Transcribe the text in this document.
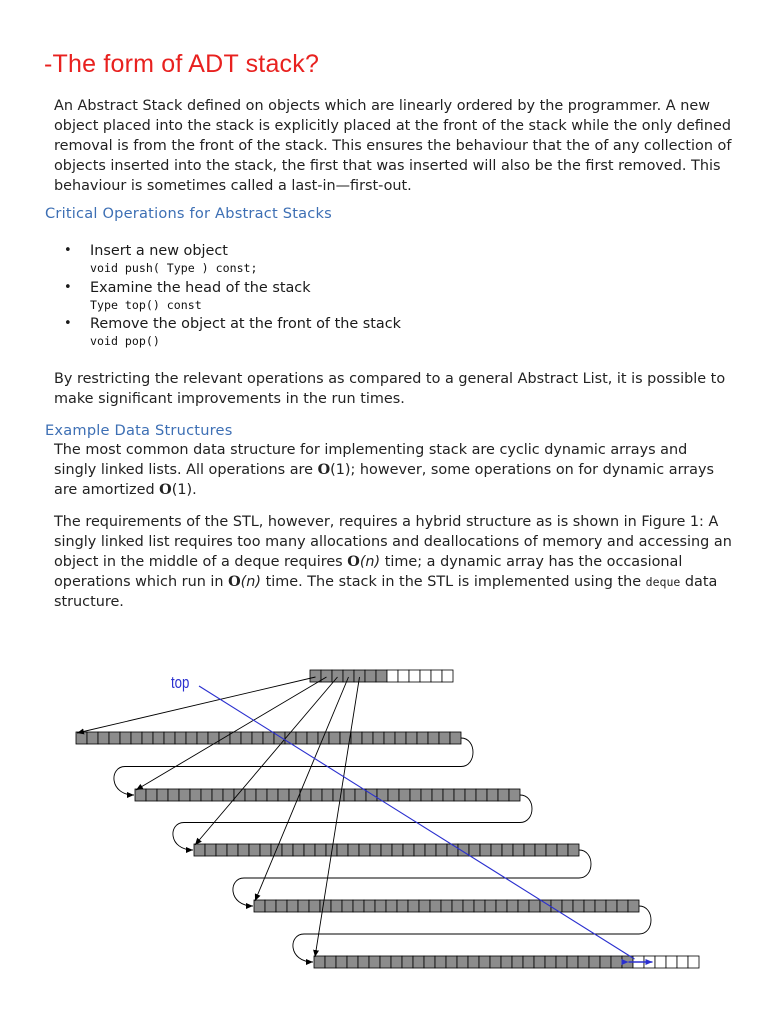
-The form of ADT stack?

An Abstract Stack defined on objects which are linearly ordered by the programmer. A new object placed into the stack is explicitly placed at the front of the stack while the only defined removal is from the front of the stack. This ensures the behaviour that the of any collection of objects inserted into the stack, the first that was inserted will also be the first removed. This behaviour is sometimes called a last-in—first-out.

Critical Operations for Abstract Stacks
• Insert a new object
void push( Type ) const;
• Examine the head of the stack
Type top() const
• Remove the object at the front of the stack
void pop()

By restricting the relevant operations as compared to a general Abstract List, it is possible to make significant improvements in the run times.

Example Data Structures

The most common data structure for implementing stack are cyclic dynamic arrays and singly linked lists. All operations are O(1); however, some operations on for dynamic arrays are amortized O(1).

The requirements of the STL, however, requires a hybrid structure as is shown in Figure 1: A singly linked list requires too many allocations and deallocations of memory and accessing an object in the middle of a deque requires O(n) time; a dynamic array has the occasional operations which run in O(n) time. The stack in the STL is implemented using the deque data structure.

top
